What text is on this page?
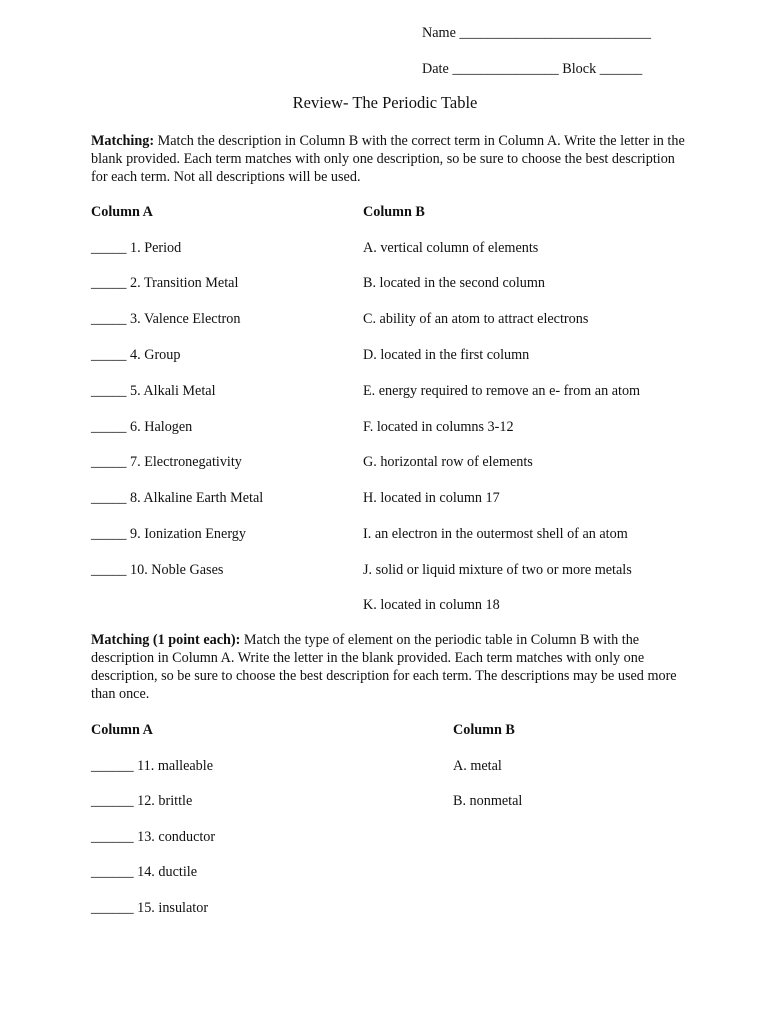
Name ___________________________
Date _______________ Block ______
Review- The Periodic Table
Matching: Match the description in Column B with the correct term in Column A. Write the letter in the blank provided. Each term matches with only one description, so be sure to choose the best description for each term. Not all descriptions will be used.
Column A	Column B
_____ 1. Period
_____ 2. Transition Metal
_____ 3. Valence Electron
_____ 4. Group
_____ 5. Alkali Metal
_____ 6. Halogen
_____ 7. Electronegativity
_____ 8. Alkaline Earth Metal
_____ 9. Ionization Energy
_____ 10. Noble Gases
A. vertical column of elements
B. located in the second column
C. ability of an atom to attract electrons
D. located in the first column
E. energy required to remove an e- from an atom
F. located in columns 3-12
G. horizontal row of elements
H. located in column 17
I. an electron in the outermost shell of an atom
J. solid or liquid mixture of two or more metals
K. located in column 18
Matching (1 point each): Match the type of element on the periodic table in Column B with the description in Column A. Write the letter in the blank provided. Each term matches with only one description, so be sure to choose the best description for each term. The descriptions may be used more than once.
Column A	Column B
______ 11. malleable
______ 12. brittle
______ 13. conductor
______ 14. ductile
______ 15. insulator
A. metal
B. nonmetal
